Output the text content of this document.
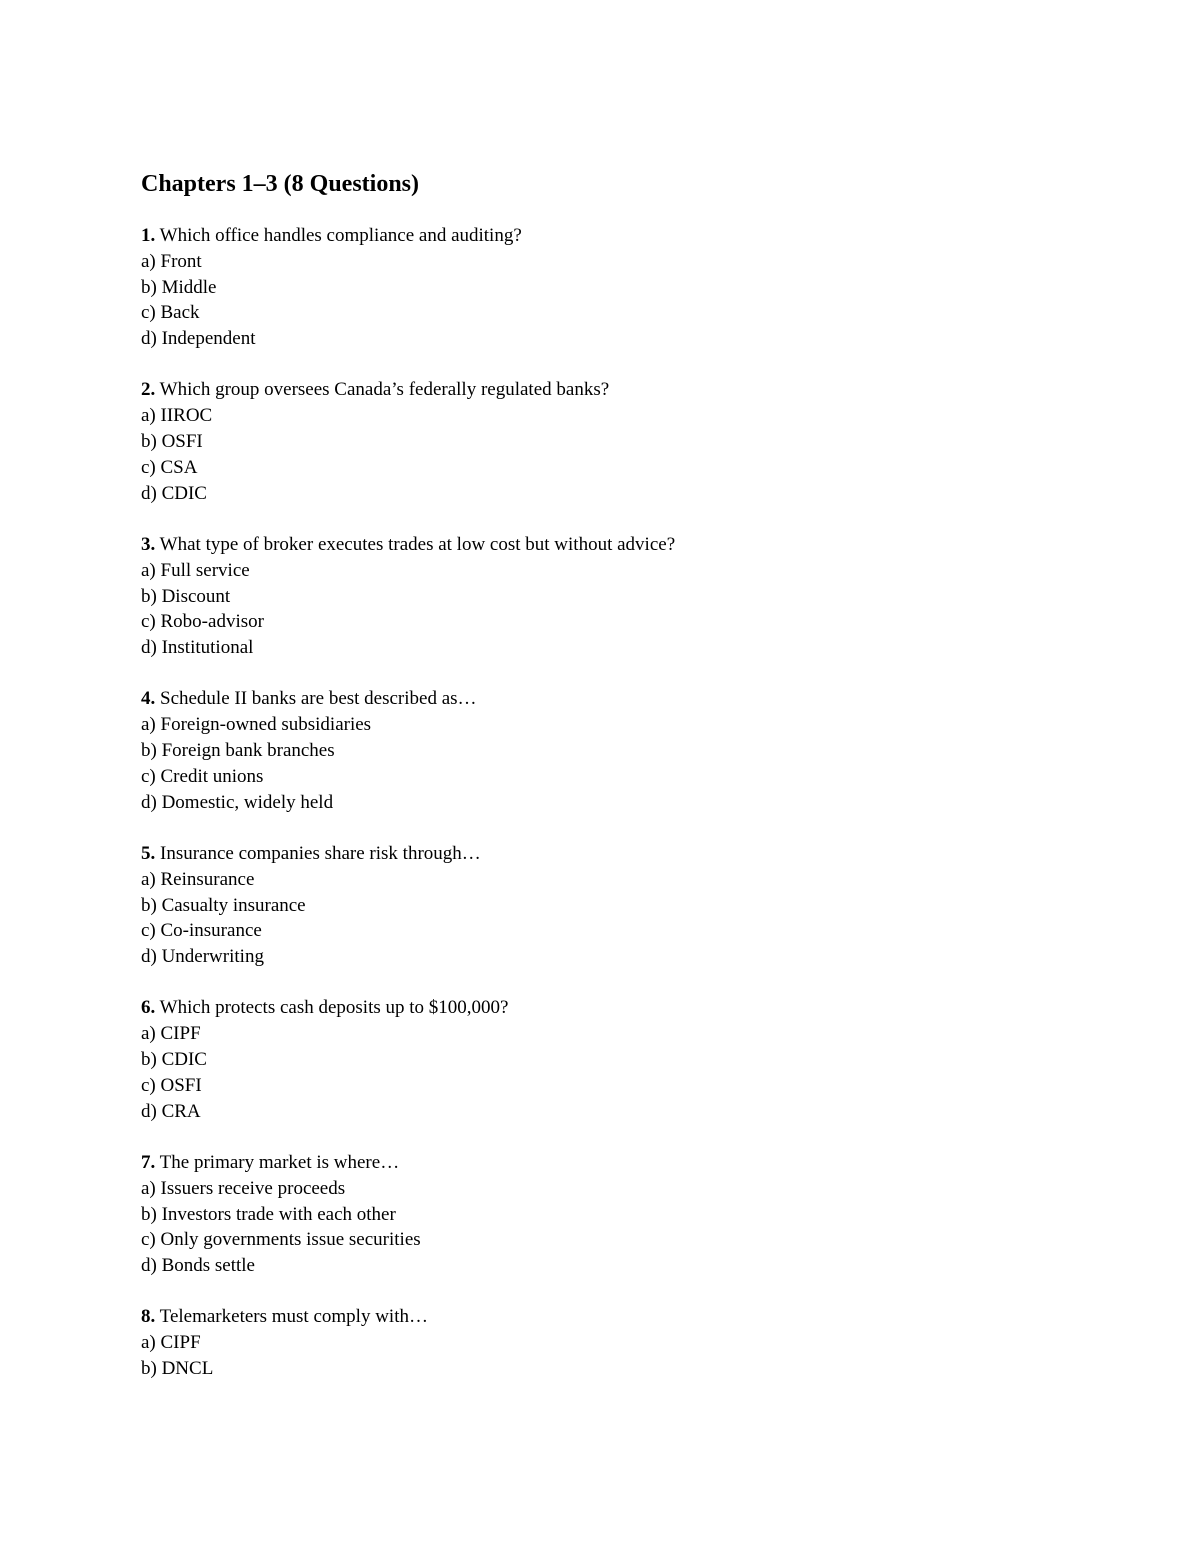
Chapters 1–3 (8 Questions)
1. Which office handles compliance and auditing?
a) Front
b) Middle
c) Back
d) Independent
2. Which group oversees Canada’s federally regulated banks?
a) IIROC
b) OSFI
c) CSA
d) CDIC
3. What type of broker executes trades at low cost but without advice?
a) Full service
b) Discount
c) Robo-advisor
d) Institutional
4. Schedule II banks are best described as…
a) Foreign-owned subsidiaries
b) Foreign bank branches
c) Credit unions
d) Domestic, widely held
5. Insurance companies share risk through…
a) Reinsurance
b) Casualty insurance
c) Co-insurance
d) Underwriting
6. Which protects cash deposits up to $100,000?
a) CIPF
b) CDIC
c) OSFI
d) CRA
7. The primary market is where…
a) Issuers receive proceeds
b) Investors trade with each other
c) Only governments issue securities
d) Bonds settle
8. Telemarketers must comply with…
a) CIPF
b) DNCL
